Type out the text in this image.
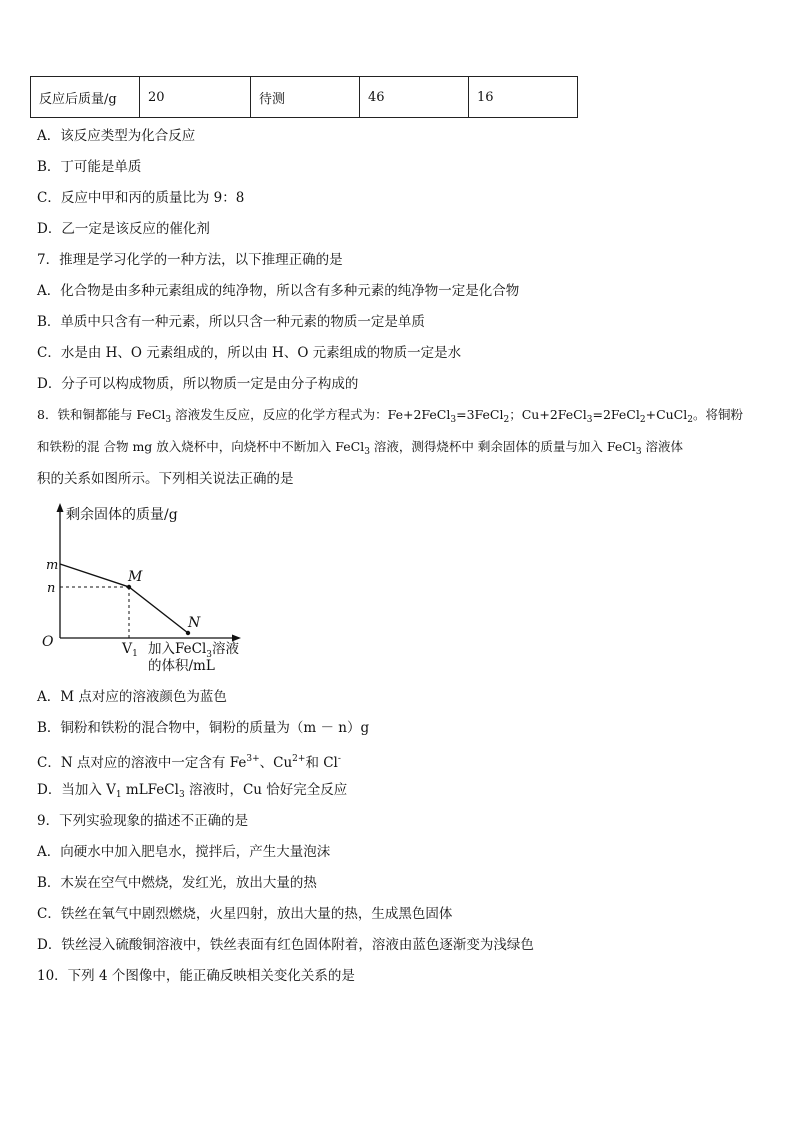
反应后质量/g	20	待测	46	16
A．该反应类型为化合反应
B．丁可能是单质
C．反应中甲和丙的质量比为 9：8
D．乙一定是该反应的催化剂
7．推理是学习化学的一种方法，以下推理正确的是
A．化合物是由多种元素组成的纯净物，所以含有多种元素的纯净物一定是化合物
B．单质中只含有一种元素，所以只含一种元素的物质一定是单质
C．水是由 H、O 元素组成的，所以由 H、O 元素组成的物质一定是水
D．分子可以构成物质，所以物质一定是由分子构成的
8．铁和铜都能与 FeCl$_3$ 溶液发生反应，反应的化学方程式为：Fe+2FeCl$_3$=3FeCl$_2$；Cu+2FeCl$_3$=2FeCl$_2$+CuCl$_2$。将铜粉
和铁粉的混 合物 mg 放入烧杯中，向烧杯中不断加入 FeCl$_3$ 溶液，测得烧杯中 剩余固体的质量与加入 FeCl$_3$ 溶液体
积的关系如图所示。下列相关说法正确的是
剩余固体的质量/g
m
n
M
N
O	$V_1$ 加入FeCl$_3$溶液
的体积/mL
A．M 点对应的溶液颜色为蓝色
B．铜粉和铁粉的混合物中，铜粉的质量为（m － n）g
C．N 点对应的溶液中一定含有 $Fe^{3+}$、$Cu^{2+}$和 Cl-
D．当加入 $V_1$ mLFeCl$_3$ 溶液时，Cu 恰好完全反应
9．下列实验现象的描述不正确的是
A．向硬水中加入肥皂水，搅拌后，产生大量泡沫
B．木炭在空气中燃烧，发红光，放出大量的热
C．铁丝在氧气中剧烈燃烧，火星四射，放出大量的热，生成黑色固体
D．铁丝浸入硫酸铜溶液中，铁丝表面有红色固体附着，溶液由蓝色逐渐变为浅绿色
10．下列 4 个图像中，能正确反映相关变化关系的是
